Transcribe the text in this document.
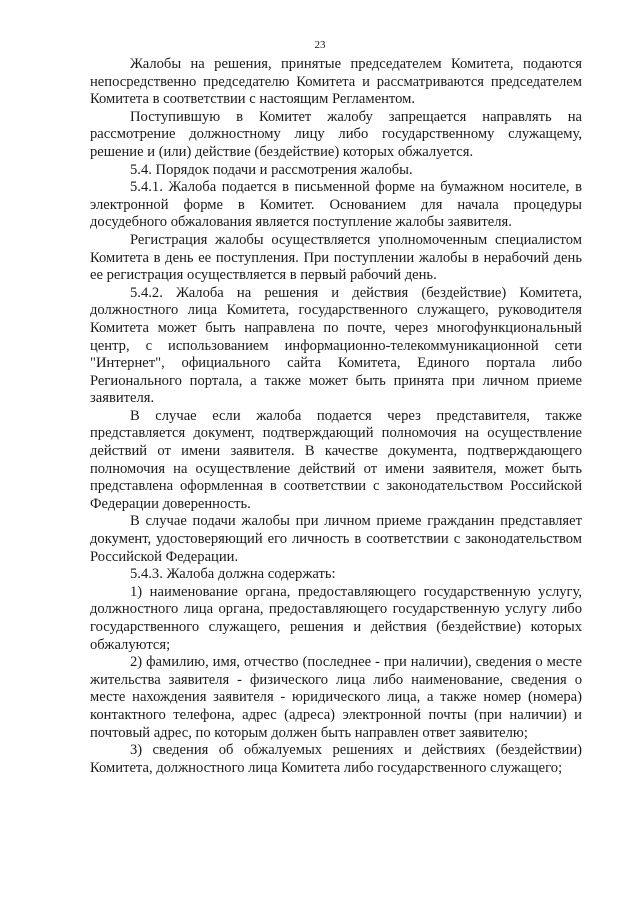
23

Жалобы на решения, принятые председателем Комитета, подаются непосредственно председателю Комитета и рассматриваются председателем Комитета в соответствии с настоящим Регламентом.

Поступившую в Комитет жалобу запрещается направлять на рассмотрение должностному лицу либо государственному служащему, решение и (или) действие (бездействие) которых обжалуется.

5.4. Порядок подачи и рассмотрения жалобы.

5.4.1. Жалоба подается в письменной форме на бумажном носителе, в электронной форме в Комитет. Основанием для начала процедуры досудебного обжалования является поступление жалобы заявителя.

Регистрация жалобы осуществляется уполномоченным специалистом Комитета в день ее поступления. При поступлении жалобы в нерабочий день ее регистрация осуществляется в первый рабочий день.

5.4.2. Жалоба на решения и действия (бездействие) Комитета, должностного лица Комитета, государственного служащего, руководителя Комитета может быть направлена по почте, через многофункциональный центр, с использованием информационно-телекоммуникационной сети "Интернет", официального сайта Комитета, Единого портала либо Регионального портала, а также может быть принята при личном приеме заявителя.

В случае если жалоба подается через представителя, также представляется документ, подтверждающий полномочия на осуществление действий от имени заявителя. В качестве документа, подтверждающего полномочия на осуществление действий от имени заявителя, может быть представлена оформленная в соответствии с законодательством Российской Федерации доверенность.

В случае подачи жалобы при личном приеме гражданин представляет документ, удостоверяющий его личность в соответствии с законодательством Российской Федерации.

5.4.3. Жалоба должна содержать:

1) наименование органа, предоставляющего государственную услугу, должностного лица органа, предоставляющего государственную услугу либо государственного служащего, решения и действия (бездействие) которых обжалуются;

2) фамилию, имя, отчество (последнее - при наличии), сведения о месте жительства заявителя - физического лица либо наименование, сведения о месте нахождения заявителя - юридического лица, а также номер (номера) контактного телефона, адрес (адреса) электронной почты (при наличии) и почтовый адрес, по которым должен быть направлен ответ заявителю;

3) сведения об обжалуемых решениях и действиях (бездействии) Комитета, должностного лица Комитета либо государственного служащего;
